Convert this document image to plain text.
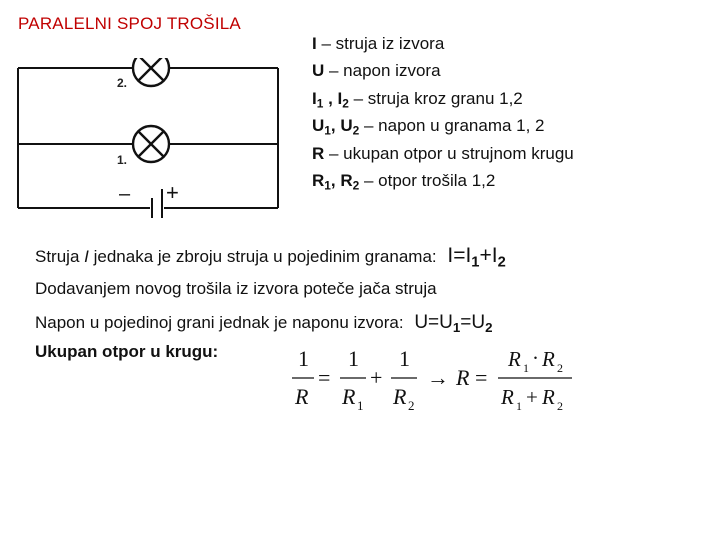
PARALELNI SPOJ TROŠILA
2.
1.
– +
I – struja iz izvora
U – napon izvora
$I_1$ , $I_2$ – struja kroz granu 1,2
$U_1$, $U_2$ – napon u granama 1, 2
R – ukupan otpor u strujnom krugu
$R_1$, $R_2$ – otpor trošila 1,2
Struja I jednaka je zbroju struja u pojedinim granama: $I=I_1+I_2$
Dodavanjem novog trošila iz izvora poteče jača struja
Napon u pojedinoj grani jednak je naponu izvora: $U=U_1=U_2$
Ukupan otpor u krugu:	1
R
=
1
R 1
+
1
R 2
→ R =
R 1 · R 2
R 1 + R 2
